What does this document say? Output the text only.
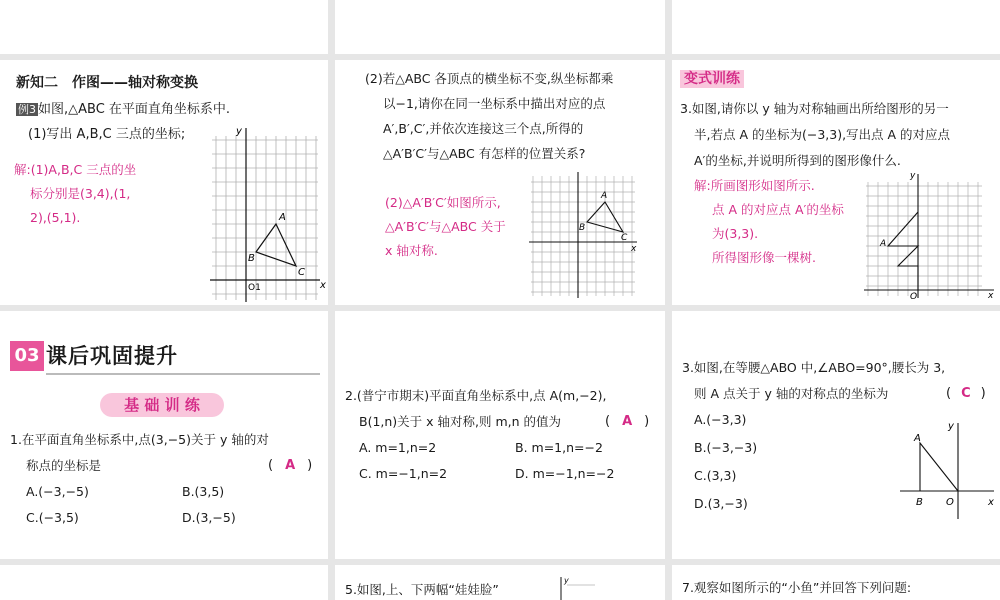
新知二　作图——轴对称变换
例3 如图,△ABC 在平面直角坐标系中.
(1)写出 A,B,C 三点的坐标;
解:(1)A,B,C 三点的坐
标分别是(3,4),(1,
2),(5,1).	A
B
C
x
y
O1
(2)若△ABC 各顶点的横坐标不变,纵坐标都乘
以−1,请你在同一坐标系中描出对应的点
A′,B′,C′,并依次连接这三个点,所得的
△A′B′C′与△ABC 有怎样的位置关系?
(2)△A′B′C′如图所示,
△A′B′C′与△ABC 关于
x 轴对称.
A
B
C
x
变式训练
3.如图,请你以 y 轴为对称轴画出所给图形的另一
半,若点 A 的坐标为(−3,3),写出点 A 的对应点
A′的坐标,并说明所得到的图形像什么.
解:所画图形如图所示.
点 A 的对应点 A′的坐标
为(3,3).
所得图形像一棵树.
A
O
y
x
03 课后巩固提升
基 础 训 练
1.在平面直角坐标系中,点(3,−5)关于 y 轴的对
称点的坐标是	( A )
A.(−3,−5)	B.(3,5)
C.(−3,5)	D.(3,−5)
2.(普宁市期末)平面直角坐标系中,点 A(m,−2),
B(1,n)关于 x 轴对称,则 m,n 的值为	( A )
A. m=1,n=2	B. m=1,n=−2
C. m=−1,n=2	D. m=−1,n=−2
3.如图,在等腰△ABO 中,∠ABO=90°,腰长为 3,
则 A 点关于 y 轴的对称点的坐标为	( C )
A.(−3,3)
B.(−3,−3)
C.(3,3)
D.(3,−3)
A
B O	x
y
5.如图,上、下两幅“娃娃脸”
y	7.观察如图所示的“小鱼”并回答下列问题:
